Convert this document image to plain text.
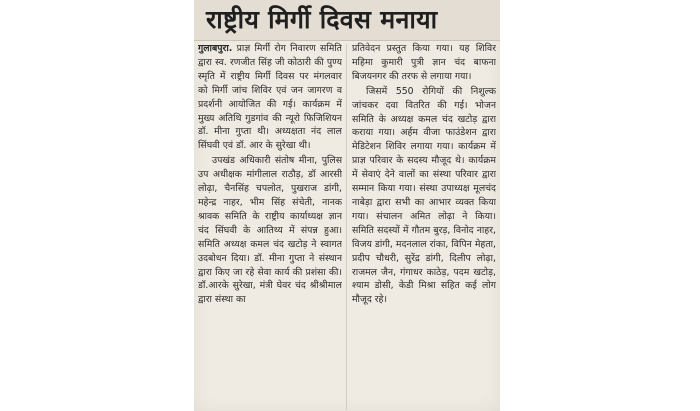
राष्ट्रीय मिर्गी दिवस मनाया

गुलाबपुरा. प्राज्ञ मिर्गी रोग निवारण समिति द्वारा स्व. रणजीत सिंह जी कोठारी की पुण्य स्मृति में राष्ट्रीय मिर्गी दिवस पर मंगलवार को मिर्गी जांच शिविर एवं जन जागरण व प्रदर्शनी आयोजित की गई। कार्यक्रम में मुख्य अतिथि गुडगांव की न्यूरो फिजिशियन डॉ. मीना गुप्ता थी। अध्यक्षता नंद लाल सिंघवी एवं डॉ. आर के सुरेखा थी।

उपखंड अधिकारी संतोष मीना, पुलिस उप अधीक्षक मांगीलाल राठौड़, डॉ आरसी लोढ़ा, चैनसिंह चपलोत, पुखराज डांगी, महेन्द्र नाहर, भीम सिंह संचेती, नानक श्रावक समिति के राष्ट्रीय कार्याध्यक्ष ज्ञान चंद सिंघवी के आतिथ्य में संपन्न हुआ। समिति अध्यक्ष कमल चंद खटोड़ ने स्वागत उदबोधन दिया। डॉ. मीना गुप्ता ने संस्थान द्वारा किए जा रहे सेवा कार्य की प्रशंसा की। डॉ.आरके सुरेखा, मंत्री घेवर चंद श्रीश्रीमाल द्वारा संस्था का

प्रतिवेदन प्रस्तुत किया गया। यह शिविर महिमा कुमारी पुत्री ज्ञान चंद बाफना बिजयनगर की तरफ से लगाया गया।

जिसमें 550 रोगियों की निशुल्क जांचकर दवा वितरित की गई। भोजन समिति के अध्यक्ष कमल चंद खटोड़ द्वारा कराया गया। अर्हम वीजा फाउंडेशन द्वारा मेडिटेशन शिविर लगाया गया। कार्यक्रम में प्राज्ञ परिवार के सदस्य मौजूद थे। कार्यक्रम में सेवाएं देने वालों का संस्था परिवार द्वारा सम्मान किया गया। संस्था उपाध्यक्ष मूलचंद नाबेड़ा द्वारा सभी का आभार व्यक्त किया गया। संचालन अमित लोढ़ा ने किया। समिति सदस्यों में गौतम बुरड़, विनोद नाहर, विजय डांगी, मदनलाल रांका, विपिन मेहता, प्रदीप चौधरी, सुरेंद्र डांगी, दिलीप लोढ़ा, राजमल जैन, गंगाधर काठेड़, पदम खटोड़, श्याम डोसी, केडी मिश्रा सहित कई लोग मौजूद रहे।
